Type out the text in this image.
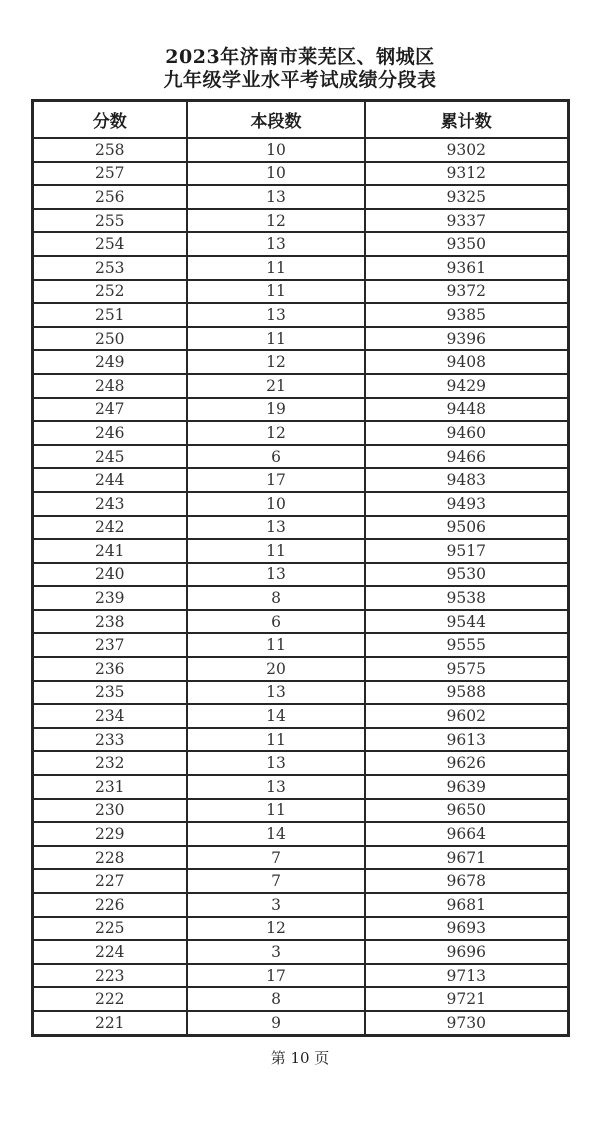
2023年济南市莱芜区、钢城区
九年级学业水平考试成绩分段表
分数	本段数	累计数
258	10	9302
257	10	9312
256	13	9325
255	12	9337
254	13	9350
253	11	9361
252	11	9372
251	13	9385
250	11	9396
249	12	9408
248	21	9429
247	19	9448
246	12	9460
245	6	9466
244	17	9483
243	10	9493
242	13	9506
241	11	9517
240	13	9530
239	8	9538
238	6	9544
237	11	9555
236	20	9575
235	13	9588
234	14	9602
233	11	9613
232	13	9626
231	13	9639
230	11	9650
229	14	9664
228	7	9671
227	7	9678
226	3	9681
225	12	9693
224	3	9696
223	17	9713
222	8	9721
221	9	9730
第 10 页
